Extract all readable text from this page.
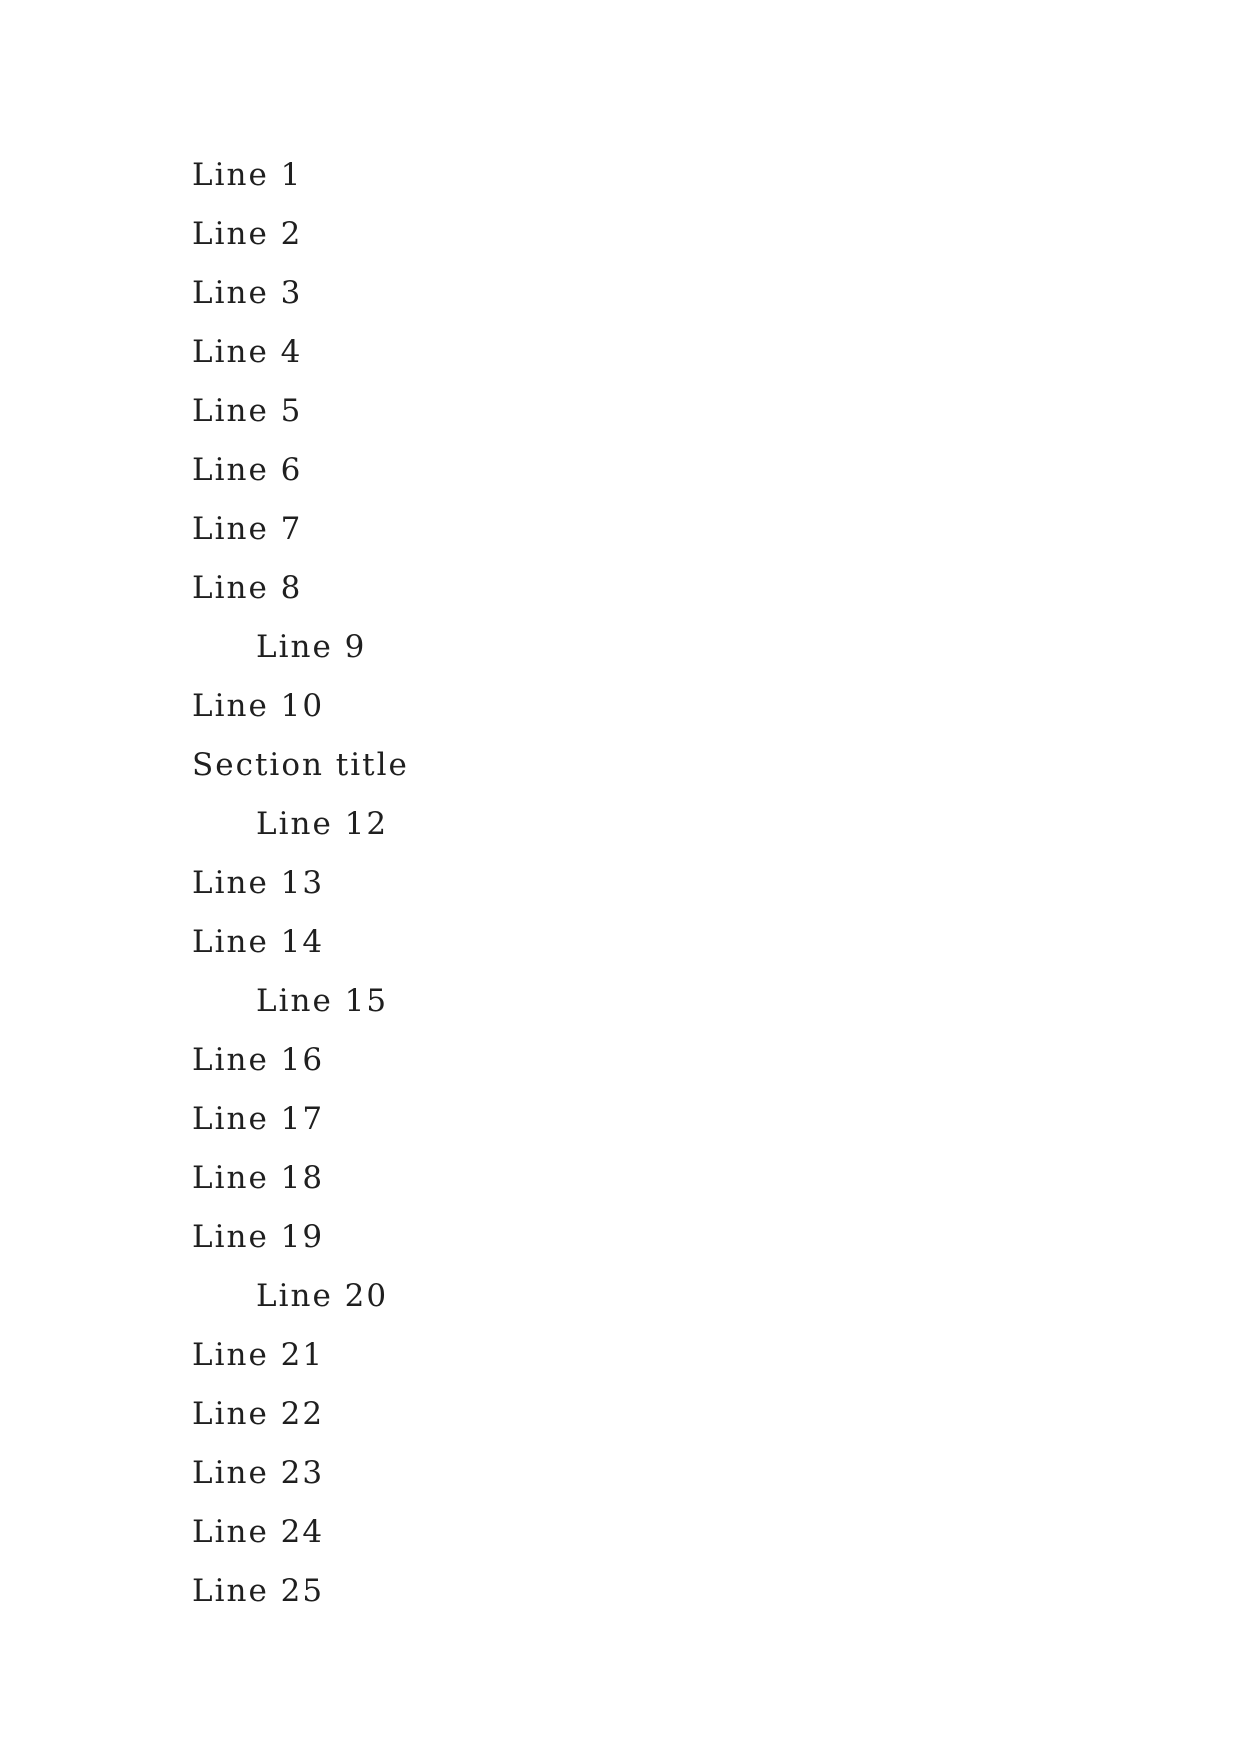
Line 1
Line 2
Line 3
Line 4
Line 5
Line 6
Line 7
Line 8
Line 9
Line 10
Section title
Line 12
Line 13
Line 14
Line 15
Line 16
Line 17
Line 18
Line 19
Line 20
Line 21
Line 22
Line 23
Line 24
Line 25
